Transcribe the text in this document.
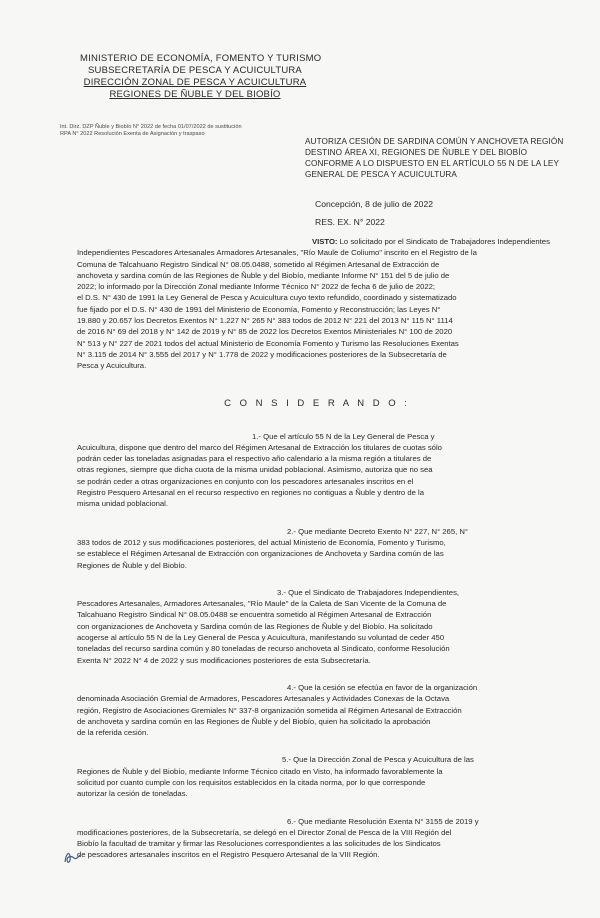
MINISTERIO DE ECONOMÍA, FOMENTO Y TURISMO
SUBSECRETARÍA DE PESCA Y ACUICULTURA
DIRECCIÓN ZONAL DE PESCA Y ACUICULTURA
REGIONES DE ÑUBLE Y DEL BIOBÍO
Int. Dirz. DZP Ñuble y Biobío N° 2022 de fecha 01/07/2022 de sustitución
RPA N° 2022 Resolución Exenta de Asignación y traspaso
AUTORIZA CESIÓN DE SARDINA COMÚN Y ANCHOVETA REGIÓN
DESTINO ÁREA XI, REGIONES DE ÑUBLE Y DEL BIOBÍO
CONFORME A LO DISPUESTO EN EL ARTÍCULO 55 N DE LA LEY
GENERAL DE PESCA Y ACUICULTURA
Concepción, 8 de julio de 2022
RES. EX. N° 2022
VISTO: Lo solicitado por el Sindicato de Trabajadores Independientes
Independientes Pescadores Artesanales Armadores Artesanales, "Río Maule de Coliumo" inscrito en el Registro de la
Comuna de Talcahuano Registro Sindical N° 08.05.0488, sometido al Régimen Artesanal de Extracción de
anchoveta y sardina común de las Regiones de Ñuble y del Biobío, mediante Informe N° 151 del 5 de julio de
2022; lo informado por la Dirección Zonal mediante Informe Técnico N° 2022 de fecha 6 de julio de 2022;
el D.S. N° 430 de 1991 la Ley General de Pesca y Acuicultura cuyo texto refundido, coordinado y sistematizado
fue fijado por el D.S. N° 430 de 1991 del Ministerio de Economía, Fomento y Reconstrucción; las Leyes N°
19.880 y 20.657 los Decretos Exentos N° 1.227 N° 265 N° 383 todos de 2012 N° 221 del 2013 N° 115 N° 1114
de 2016 N° 69 del 2018 y N° 142 de 2019 y N° 85 de 2022 los Decretos Exentos Ministeriales N° 100 de 2020
N° 513 y N° 227 de 2021 todos del actual Ministerio de Economía Fomento y Turismo las Resoluciones Exentas
N° 3.115 de 2014 N° 3.555 del 2017 y N° 1.778 de 2022 y modificaciones posteriores de la Subsecretaría de
Pesca y Acuicultura.
C O N S I D E R A N D O :
1.- Que el artículo 55 N de la Ley General de Pesca y
Acuicultura, dispone que dentro del marco del Régimen Artesanal de Extracción los titulares de cuotas sólo
podrán ceder las toneladas asignadas para el respectivo año calendario a la misma región a titulares de
otras regiones, siempre que dicha cuota de la misma unidad poblacional. Asimismo, autoriza que no sea
se podrán ceder a otras organizaciones en conjunto con los pescadores artesanales inscritos en el
Registro Pesquero Artesanal en el recurso respectivo en regiones no contiguas a Ñuble y dentro de la
misma unidad poblacional.
2.- Que mediante Decreto Exento N° 227, N° 265, N°
383 todos de 2012 y sus modificaciones posteriores, del actual Ministerio de Economía, Fomento y Turismo,
se establece el Régimen Artesanal de Extracción con organizaciones de Anchoveta y Sardina común de las
Regiones de Ñuble y del Biobío.
3.- Que el Sindicato de Trabajadores Independientes,
Pescadores Artesanales, Armadores Artesanales, "Río Maule" de la Caleta de San Vicente de la Comuna de
Talcahuano Registro Sindical N° 08.05.0488 se encuentra sometido al Régimen Artesanal de Extracción
con organizaciones de Anchoveta y Sardina común de las Regiones de Ñuble y del Biobío. Ha solicitado
acogerse al artículo 55 N de la Ley General de Pesca y Acuicultura, manifestando su voluntad de ceder 450
toneladas del recurso sardina común y 80 toneladas de recurso anchoveta al Sindicato, conforme Resolución
Exenta N° 2022 N° 4 de 2022 y sus modificaciones posteriores de esta Subsecretaría.
4.- Que la cesión se efectúa en favor de la organización
denominada Asociación Gremial de Armadores, Pescadores Artesanales y Actividades Conexas de la Octava
región, Registro de Asociaciones Gremiales N° 337-8 organización sometida al Régimen Artesanal de Extracción
de anchoveta y sardina común en las Regiones de Ñuble y del Biobío, quien ha solicitado la aprobación
de la referida cesión.
5.- Que la Dirección Zonal de Pesca y Acuicultura de las
Regiones de Ñuble y del Biobío, mediante Informe Técnico citado en Visto, ha informado favorablemente la
solicitud por cuanto cumple con los requisitos establecidos en la citada norma, por lo que corresponde
autorizar la cesión de toneladas.
6.- Que mediante Resolución Exenta N° 3155 de 2019 y
modificaciones posteriores, de la Subsecretaría, se delegó en el Director Zonal de Pesca de la VIII Región del
Biobío la facultad de tramitar y firmar las Resoluciones correspondientes a las solicitudes de los Sindicatos
de pescadores artesanales inscritos en el Registro Pesquero Artesanal de la VIII Región.
